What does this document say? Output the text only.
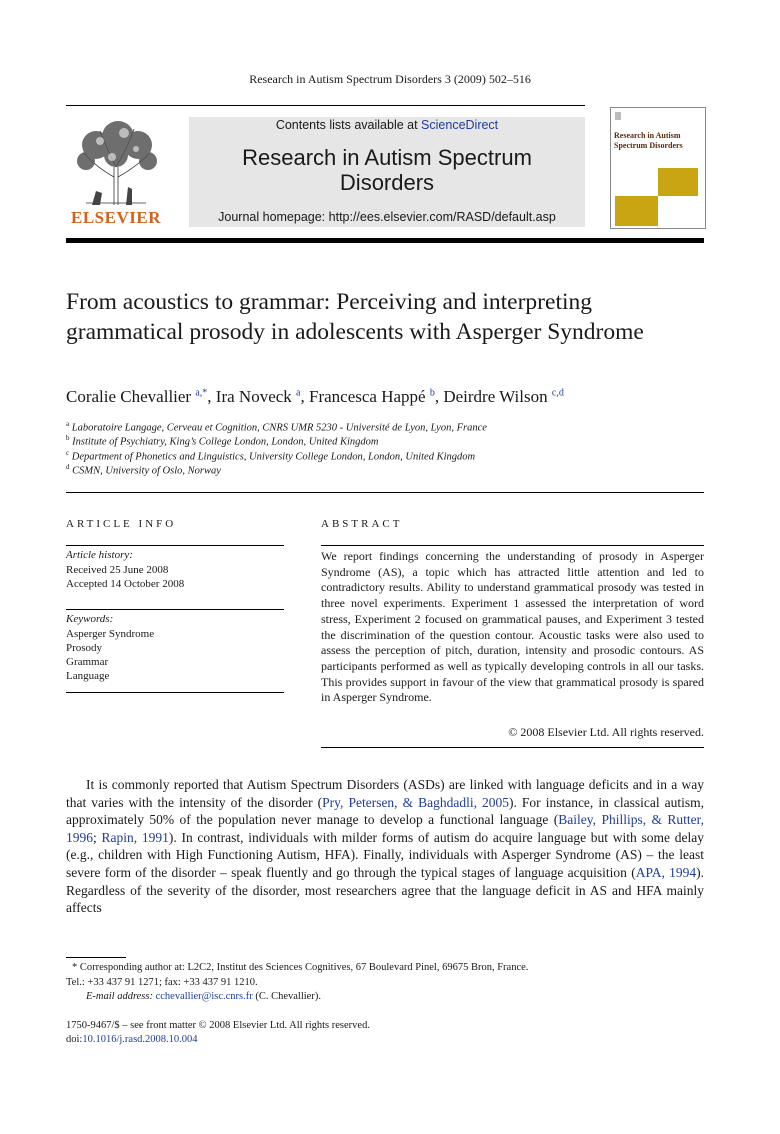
Research in Autism Spectrum Disorders 3 (2009) 502–516
ELSEVIER
Contents lists available at ScienceDirect
Research in Autism Spectrum
Disorders
Journal homepage: http://ees.elsevier.com/RASD/default.asp
Research in Autism Spectrum Disorders
From acoustics to grammar: Perceiving and interpreting grammatical prosody in adolescents with Asperger Syndrome
Coralie Chevallier $^{a,*}$, Ira Noveck $^a$, Francesca Happé $^b$, Deirdre Wilson $^{c,d}$
$^a$ Laboratoire Langage, Cerveau et Cognition, CNRS UMR 5230 - Université de Lyon, Lyon, France
$^b$ Institute of Psychiatry, King’s College London, London, United Kingdom
$^c$ Department of Phonetics and Linguistics, University College London, London, United Kingdom
$^d$ CSMN, University of Oslo, Norway
ARTICLE INFO	ABSTRACT
Article history:
Received 25 June 2008
Accepted 14 October 2008
Keywords:
Asperger Syndrome
Prosody
Grammar
Language
We report findings concerning the understanding of prosody in Asperger Syndrome (AS), a topic which has attracted little attention and led to contradictory results. Ability to understand grammatical prosody was tested in three novel experiments. Experiment 1 assessed the interpretation of word stress, Experiment 2 focused on grammatical pauses, and Experiment 3 tested the discrimination of the question contour. Acoustic tasks were also used to assess the perception of pitch, duration, intensity and prosodic contours. AS participants performed as well as typically developing controls in all our tasks. This provides support in favour of the view that grammatical prosody is spared in Asperger Syndrome.
© 2008 Elsevier Ltd. All rights reserved.

It is commonly reported that Autism Spectrum Disorders (ASDs) are linked with language deficits and in a way that varies with the intensity of the disorder (Pry, Petersen, & Baghdadli, 2005). For instance, in classical autism, approximately 50% of the population never manage to develop a functional language (Bailey, Phillips, & Rutter, 1996; Rapin, 1991). In contrast, individuals with milder forms of autism do acquire language but with some delay (e.g., children with High Functioning Autism, HFA). Finally, individuals with Asperger Syndrome (AS) – the least severe form of the disorder – speak fluently and go through the typical stages of language acquisition (APA, 1994). Regardless of the severity of the disorder, most researchers agree that the language deficit in AS and HFA mainly affects

* Corresponding author at: L2C2, Institut des Sciences Cognitives, 67 Boulevard Pinel, 69675 Bron, France.
Tel.: +33 437 91 1271; fax: +33 437 91 1210.
E-mail address: cchevallier@isc.cnrs.fr (C. Chevallier).
1750-9467/$ – see front matter © 2008 Elsevier Ltd. All rights reserved.
doi:10.1016/j.rasd.2008.10.004
